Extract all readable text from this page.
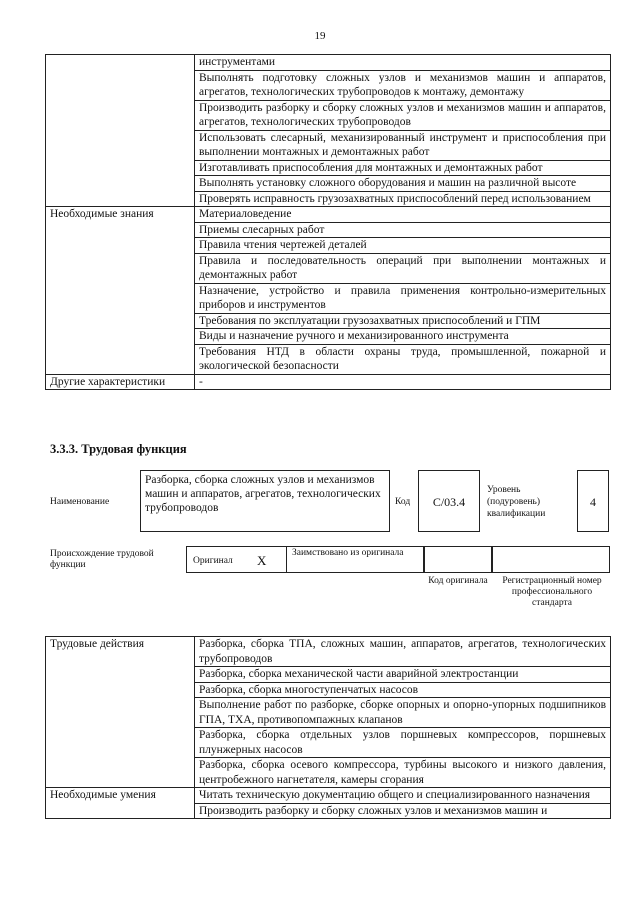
19
	инструментами
	Выполнять подготовку сложных узлов и механизмов машин и аппаратов, агрегатов, технологических трубопроводов к монтажу, демонтажу
	Производить разборку и сборку сложных узлов и механизмов машин и аппаратов, агрегатов, технологических трубопроводов
	Использовать слесарный, механизированный инструмент и приспособления при выполнении монтажных и демонтажных работ
	Изготавливать приспособления для монтажных и демонтажных работ
	Выполнять установку сложного оборудования и машин на различной высоте
	Проверять исправность грузозахватных приспособлений перед использованием
Необходимые знания	Материаловедение
	Приемы слесарных работ
	Правила чтения чертежей деталей
	Правила и последовательность операций при выполнении монтажных и демонтажных работ
	Назначение, устройство и правила применения контрольно-измерительных приборов и инструментов
	Требования по эксплуатации грузозахватных приспособлений и ГПМ
	Виды и назначение ручного и механизированного инструмента
	Требования НТД в области охраны труда, промышленной, пожарной и экологической безопасности
Другие характеристики	-
3.3.3. Трудовая функция
Наименование
Разборка, сборка сложных узлов и механизмов машин и аппаратов, агрегатов, технологических трубопроводов	Код	C/03.4
Уровень (подуровень) квалификации
4
Происхождение трудовой функции	Оригинал X	Заимствовано из оригинала
Код оригинала	Регистрационный номер профессионального стандарта
Трудовые действия	Разборка, сборка ТПА, сложных машин, аппаратов, агрегатов, технологических трубопроводов
	Разборка, сборка механической части аварийной электростанции
	Разборка, сборка многоступенчатых насосов
	Выполнение работ по разборке, сборке опорных и опорно-упорных подшипников ГПА, ТХА, противопомпажных клапанов
	Разборка, сборка отдельных узлов поршневых компрессоров, поршневых плунжерных насосов
	Разборка, сборка осевого компрессора, турбины высокого и низкого давления, центробежного нагнетателя, камеры сгорания
Необходимые умения	Читать техническую документацию общего и специализированного назначения
	Производить разборку и сборку сложных узлов и механизмов машин и
